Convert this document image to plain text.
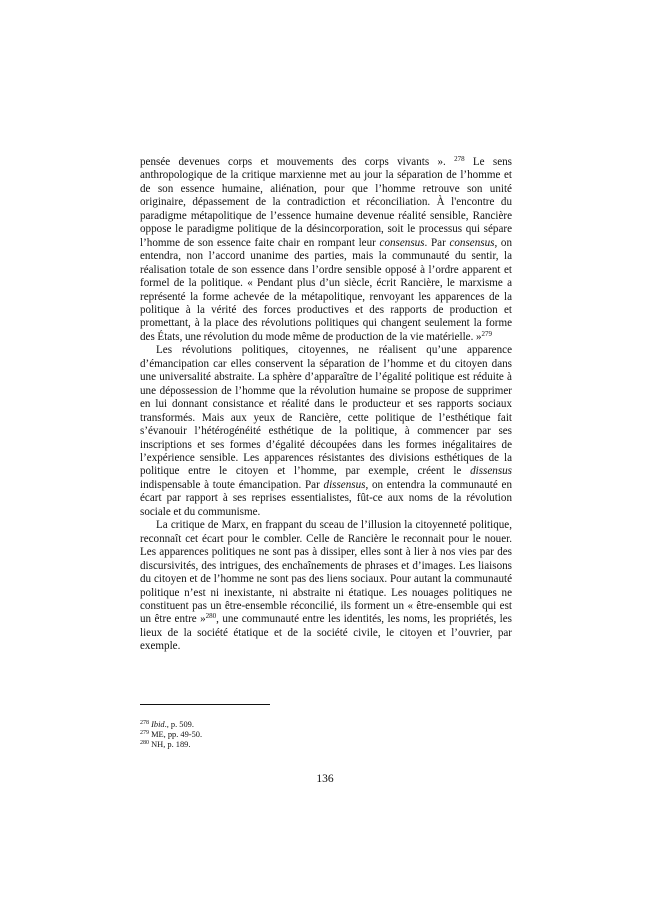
pensée devenues corps et mouvements des corps vivants ». $^{278}$ Le sens anthropologique de la critique marxienne met au jour la séparation de l’homme et de son essence humaine, aliénation, pour que l’homme retrouve son unité originaire, dépassement de la contradiction et réconciliation. À l'encontre du paradigme métapolitique de l’essence humaine devenue réalité sensible, Rancière oppose le paradigme politique de la désincorporation, soit le processus qui sépare l’homme de son essence faite chair en rompant leur consensus. Par consensus, on entendra, non l’accord unanime des parties, mais la communauté du sentir, la réalisation totale de son essence dans l’ordre sensible opposé à l’ordre apparent et formel de la politique. « Pendant plus d’un siècle, écrit Rancière, le marxisme a représenté la forme achevée de la métapolitique, renvoyant les apparences de la politique à la vérité des forces productives et des rapports de production et promettant, à la place des révolutions politiques qui changent seulement la forme des États, une révolution du mode même de production de la vie matérielle. »$^{279}$

Les révolutions politiques, citoyennes, ne réalisent qu’une apparence d’émancipation car elles conservent la séparation de l’homme et du citoyen dans une universalité abstraite. La sphère d’apparaître de l’égalité politique est réduite à une dépossession de l’homme que la révolution humaine se propose de supprimer en lui donnant consistance et réalité dans le producteur et ses rapports sociaux transformés. Mais aux yeux de Rancière, cette politique de l’esthétique fait s’évanouir l’hétérogénéité esthétique de la politique, à commencer par ses inscriptions et ses formes d’égalité découpées dans les formes inégalitaires de l’expérience sensible. Les apparences résistantes des divisions esthétiques de la politique entre le citoyen et l’homme, par exemple, créent le dissensus indispensable à toute émancipation. Par dissensus, on entendra la communauté en écart par rapport à ses reprises essentialistes, fût-ce aux noms de la révolution sociale et du communisme.

La critique de Marx, en frappant du sceau de l’illusion la citoyenneté politique, reconnaît cet écart pour le combler. Celle de Rancière le reconnait pour le nouer. Les apparences politiques ne sont pas à dissiper, elles sont à lier à nos vies par des discursivités, des intrigues, des enchaînements de phrases et d’images. Les liaisons du citoyen et de l’homme ne sont pas des liens sociaux. Pour autant la communauté politique n’est ni inexistante, ni abstraite ni étatique. Les nouages politiques ne constituent pas un être-ensemble réconcilié, ils forment un « être-ensemble qui est un être entre »$^{280}$, une communauté entre les identités, les noms, les propriétés, les lieux de la société étatique et de la société civile, le citoyen et l’ouvrier, par exemple.

$^{278}$ Ibid., p. 509.

$^{279}$ ME, pp. 49-50.

$^{280}$ NH, p. 189.

136
